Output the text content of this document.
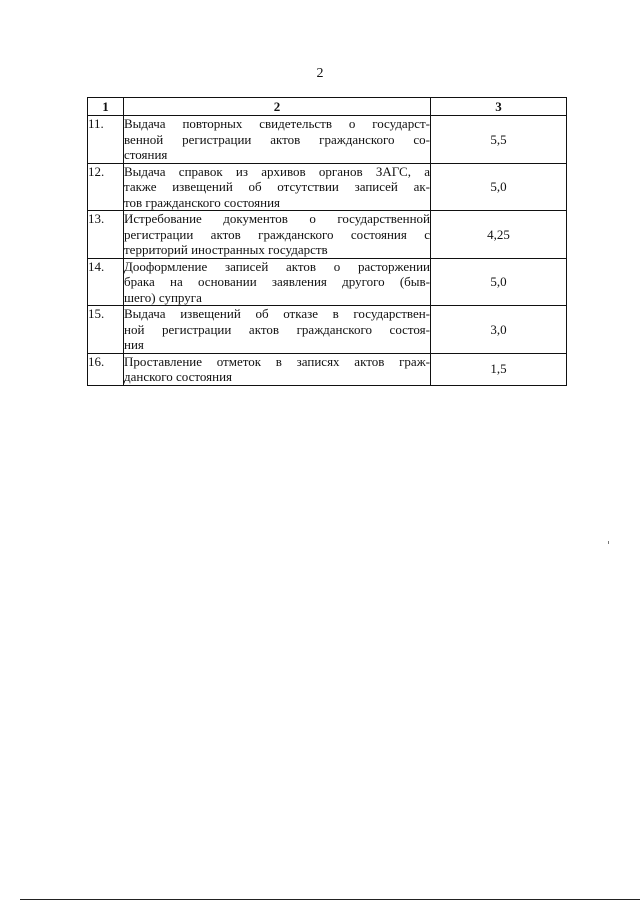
2
1	2	3
11.	Выдача повторных свидетельств о государст-
венной регистрации актов гражданского со-
стояния	5,5
12.	Выдача справок из архивов органов ЗАГС, а
также извещений об отсутствии записей ак-
тов гражданского состояния	5,0
13.	Истребование документов о государственной
регистрации актов гражданского состояния с
территорий иностранных государств	4,25
14.	Дооформление записей актов о расторжении
брака на основании заявления другого (быв-
шего) супруга	5,0
15.	Выдача извещений об отказе в государствен-
ной регистрации актов гражданского состоя-
ния	3,0
16.	Проставление отметок в записях актов граж-
данского состояния	1,5
